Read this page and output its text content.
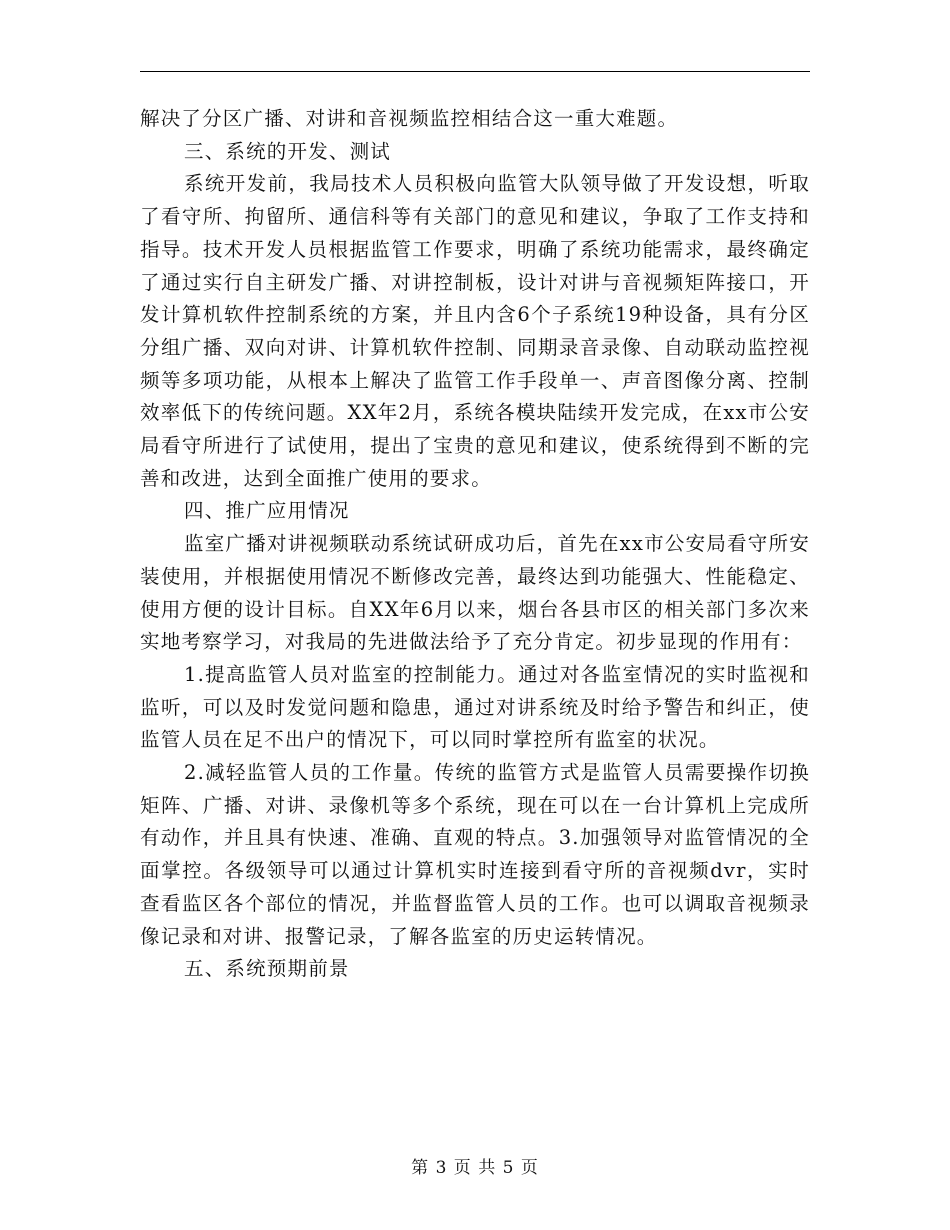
解决了分区广播、对讲和音视频监控相结合这一重大难题。

三、系统的开发、测试

系统开发前，我局技术人员积极向监管大队领导做了开发设想，听取了看守所、拘留所、通信科等有关部门的意见和建议，争取了工作支持和指导。技术开发人员根据监管工作要求，明确了系统功能需求，最终确定了通过实行自主研发广播、对讲控制板，设计对讲与音视频矩阵接口，开发计算机软件控制系统的方案，并且内含6个子系统19种设备，具有分区分组广播、双向对讲、计算机软件控制、同期录音录像、自动联动监控视频等多项功能，从根本上解决了监管工作手段单一、声音图像分离、控制效率低下的传统问题。XX年2月，系统各模块陆续开发完成，在xx市公安局看守所进行了试使用，提出了宝贵的意见和建议，使系统得到不断的完善和改进，达到全面推广使用的要求。

四、推广应用情况

监室广播对讲视频联动系统试研成功后，首先在xx市公安局看守所安装使用，并根据使用情况不断修改完善，最终达到功能强大、性能稳定、使用方便的设计目标。自XX年6月以来，烟台各县市区的相关部门多次来实地考察学习，对我局的先进做法给予了充分肯定。初步显现的作用有：

1.提高监管人员对监室的控制能力。通过对各监室情况的实时监视和监听，可以及时发觉问题和隐患，通过对讲系统及时给予警告和纠正，使监管人员在足不出户的情况下，可以同时掌控所有监室的状况。

2.减轻监管人员的工作量。传统的监管方式是监管人员需要操作切换矩阵、广播、对讲、录像机等多个系统，现在可以在一台计算机上完成所有动作，并且具有快速、准确、直观的特点。3.加强领导对监管情况的全面掌控。各级领导可以通过计算机实时连接到看守所的音视频dvr，实时查看监区各个部位的情况，并监督监管人员的工作。也可以调取音视频录像记录和对讲、报警记录，了解各监室的历史运转情况。

五、系统预期前景

第 3 页 共 5 页
